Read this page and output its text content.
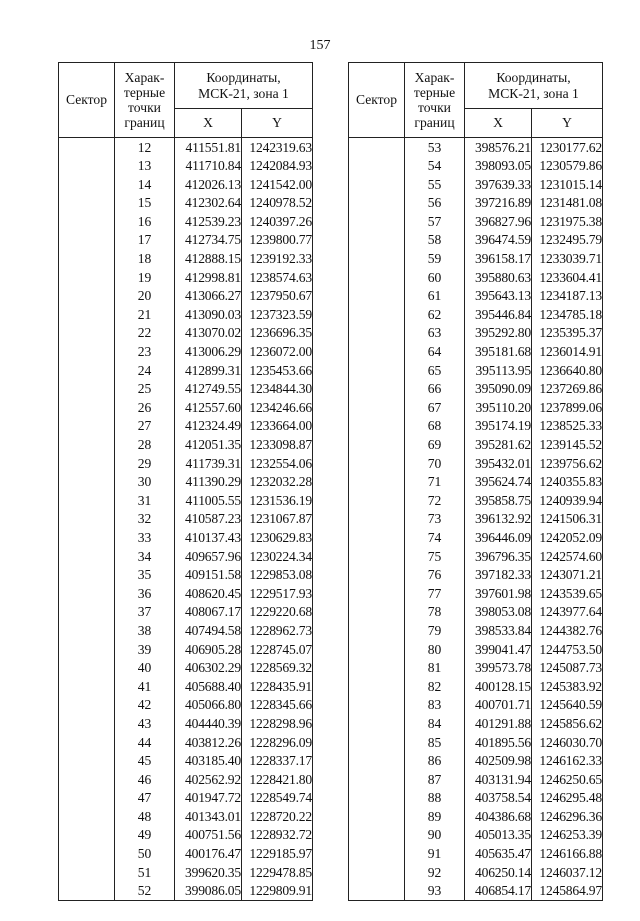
157
Сектор	Харак-
терные
точки
границ	Координаты,
МСК-21, зона 1	
		X	Y
	12	411551.81	1242319.63
	13	411710.84	1242084.93
	14	412026.13	1241542.00
	15	412302.64	1240978.52
	16	412539.23	1240397.26
	17	412734.75	1239800.77
	18	412888.15	1239192.33
	19	412998.81	1238574.63
	20	413066.27	1237950.67
	21	413090.03	1237323.59
	22	413070.02	1236696.35
	23	413006.29	1236072.00
	24	412899.31	1235453.66
	25	412749.55	1234844.30
	26	412557.60	1234246.66
	27	412324.49	1233664.00
	28	412051.35	1233098.87
	29	411739.31	1232554.06
	30	411390.29	1232032.28
	31	411005.55	1231536.19
	32	410587.23	1231067.87
	33	410137.43	1230629.83
	34	409657.96	1230224.34
	35	409151.58	1229853.08
	36	408620.45	1229517.93
	37	408067.17	1229220.68
	38	407494.58	1228962.73
	39	406905.28	1228745.07
	40	406302.29	1228569.32
	41	405688.40	1228435.91
	42	405066.80	1228345.66
	43	404440.39	1228298.96
	44	403812.26	1228296.09
	45	403185.40	1228337.17
	46	402562.92	1228421.80
	47	401947.72	1228549.74
	48	401343.01	1228720.22
	49	400751.56	1228932.72
	50	400176.47	1229185.97
	51	399620.35	1229478.85
	52	399086.05	1229809.91
Сектор	Харак-
терные
точки
границ	Координаты,
МСК-21, зона 1	
		X	Y
	53	398576.21	1230177.62
	54	398093.05	1230579.86
	55	397639.33	1231015.14
	56	397216.89	1231481.08
	57	396827.96	1231975.38
	58	396474.59	1232495.79
	59	396158.17	1233039.71
	60	395880.63	1233604.41
	61	395643.13	1234187.13
	62	395446.84	1234785.18
	63	395292.80	1235395.37
	64	395181.68	1236014.91
	65	395113.95	1236640.80
	66	395090.09	1237269.86
	67	395110.20	1237899.06
	68	395174.19	1238525.33
	69	395281.62	1239145.52
	70	395432.01	1239756.62
	71	395624.74	1240355.83
	72	395858.75	1240939.94
	73	396132.92	1241506.31
	74	396446.09	1242052.09
	75	396796.35	1242574.60
	76	397182.33	1243071.21
	77	397601.98	1243539.65
	78	398053.08	1243977.64
	79	398533.84	1244382.76
	80	399041.47	1244753.50
	81	399573.78	1245087.73
	82	400128.15	1245383.92
	83	400701.71	1245640.59
	84	401291.88	1245856.62
	85	401895.56	1246030.70
	86	402509.98	1246162.33
	87	403131.94	1246250.65
	88	403758.54	1246295.48
	89	404386.68	1246296.36
	90	405013.35	1246253.39
	91	405635.47	1246166.88
	92	406250.14	1246037.12
	93	406854.17	1245864.97
